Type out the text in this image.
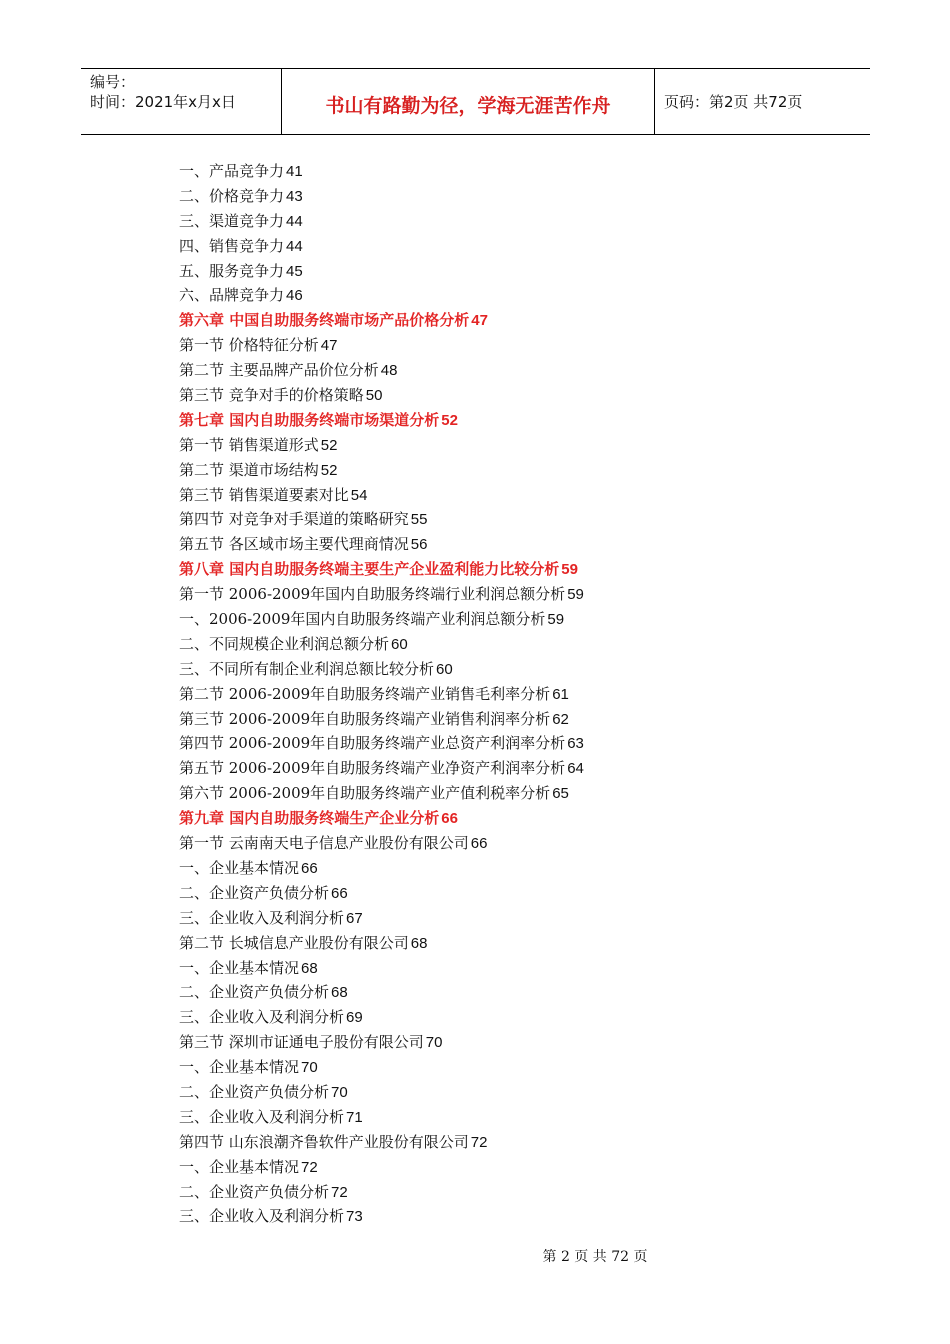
编号：
时间：2021年x月x日	书山有路勤为径，学海无涯苦作舟	页码：第2页 共72页
一、产品竞争力 41
二、价格竞争力 43
三、渠道竞争力 44
四、销售竞争力 44
五、服务竞争力 45
六、品牌竞争力 46
第六章 中国自助服务终端市场产品价格分析 47
第一节 价格特征分析 47
第二节 主要品牌产品价位分析 48
第三节 竞争对手的价格策略 50
第七章 国内自助服务终端市场渠道分析 52
第一节 销售渠道形式 52
第二节 渠道市场结构 52
第三节 销售渠道要素对比 54
第四节 对竞争对手渠道的策略研究 55
第五节 各区域市场主要代理商情况 56
第八章 国内自助服务终端主要生产企业盈利能力比较分析 59
第一节 2006-2009年国内自助服务终端行业利润总额分析 59
一、2006-2009年国内自助服务终端产业利润总额分析 59
二、不同规模企业利润总额分析 60
三、不同所有制企业利润总额比较分析 60
第二节 2006-2009年自助服务终端产业销售毛利率分析 61
第三节 2006-2009年自助服务终端产业销售利润率分析 62
第四节 2006-2009年自助服务终端产业总资产利润率分析 63
第五节 2006-2009年自助服务终端产业净资产利润率分析 64
第六节 2006-2009年自助服务终端产业产值利税率分析 65
第九章 国内自助服务终端生产企业分析 66
第一节 云南南天电子信息产业股份有限公司 66
一、企业基本情况 66
二、企业资产负债分析 66
三、企业收入及利润分析 67
第二节 长城信息产业股份有限公司 68
一、企业基本情况 68
二、企业资产负债分析 68
三、企业收入及利润分析 69
第三节 深圳市证通电子股份有限公司 70
一、企业基本情况 70
二、企业资产负债分析 70
三、企业收入及利润分析 71
第四节 山东浪潮齐鲁软件产业股份有限公司 72
一、企业基本情况 72
二、企业资产负债分析 72
三、企业收入及利润分析 73
第 2 页 共 72 页
